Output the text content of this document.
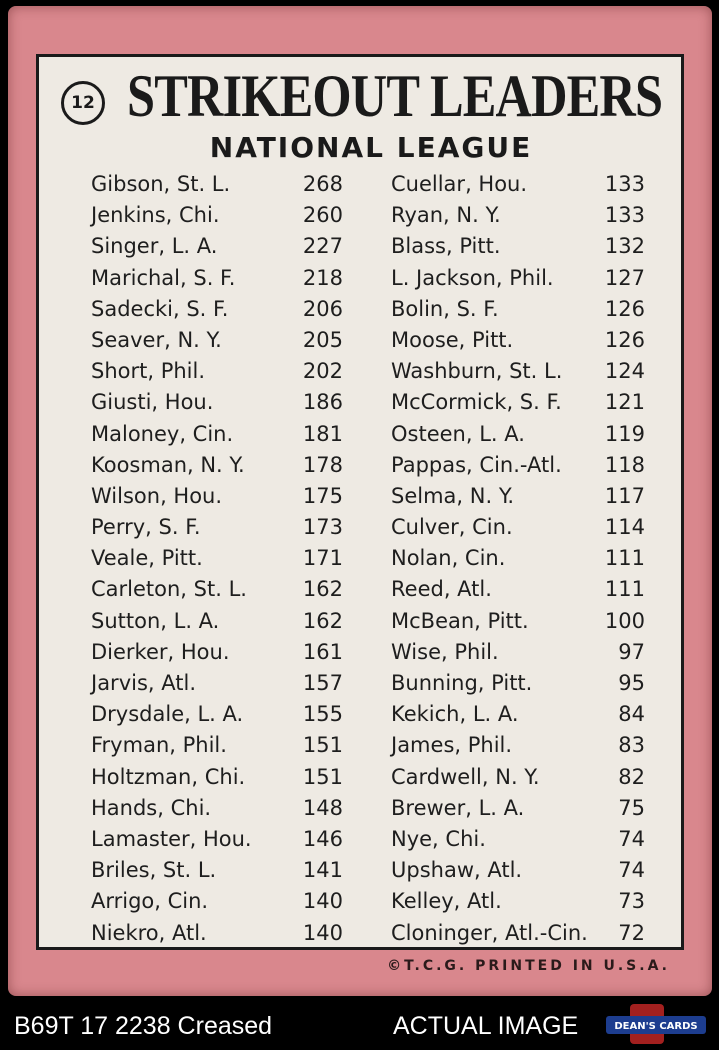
12 STRIKEOUT LEADERS
NATIONAL LEAGUE
Gibson, St. L.	268
Jenkins, Chi.	260
Singer, L. A.	227
Marichal, S. F.	218
Sadecki, S. F.	206
Seaver, N. Y.	205
Short, Phil.	202
Giusti, Hou.	186
Maloney, Cin.	181
Koosman, N. Y.	178
Wilson, Hou.	175
Perry, S. F.	173
Veale, Pitt.	171
Carleton, St. L.	162
Sutton, L. A.	162
Dierker, Hou.	161
Jarvis, Atl.	157
Drysdale, L. A.	155
Fryman, Phil.	151
Holtzman, Chi.	151
Hands, Chi.	148
Lamaster, Hou. 146
Briles, St. L.	141
Arrigo, Cin.	140
Niekro, Atl.	140
Cuellar, Hou.	133
Ryan, N. Y.	133
Blass, Pitt.	132
L. Jackson, Phil. 127
Bolin, S. F.	126
Moose, Pitt.	126
Washburn, St. L. 124
McCormick, S. F. 121
Osteen, L. A.	119
Pappas, Cin.-Atl. 118
Selma, N. Y.	117
Culver, Cin.	114
Nolan, Cin.	111
Reed, Atl.	111
McBean, Pitt.	100
Wise, Phil.	97
Bunning, Pitt.	95
Kekich, L. A.	84
James, Phil.	83
Cardwell, N. Y.	82
Brewer, L. A.	75
Nye, Chi.	74
Upshaw, Atl.	74
Kelley, Atl.	73
Cloninger, Atl.-Cin. 72
©T.C.G. PRINTED IN U.S.A.
B69T 17 2238 Creased	ACTUAL IMAGE	DEAN'S CARDS
